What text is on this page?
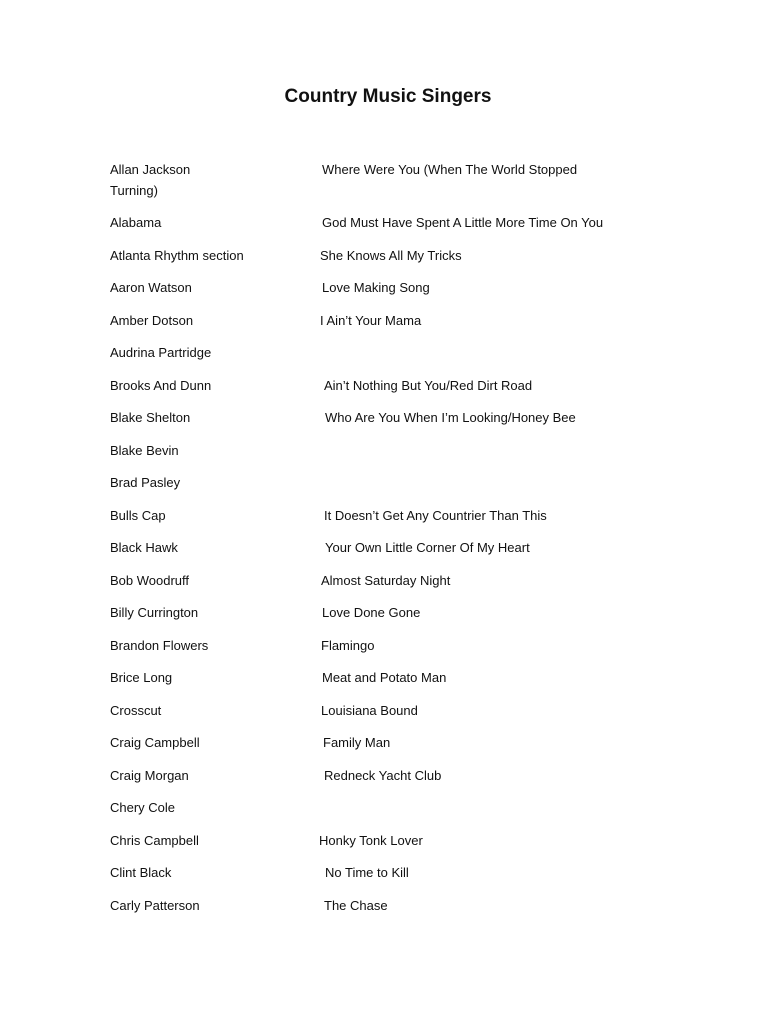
Country Music Singers
Allan Jackson	Where Were You (When The World Stopped
Turning)
Alabama	God Must Have Spent A Little More Time On You
Atlanta Rhythm section	She Knows All My Tricks
Aaron Watson	Love Making Song
Amber Dotson	I Ain’t Your Mama
Audrina Partridge
Brooks And Dunn	Ain’t Nothing But You/Red Dirt Road
Blake Shelton	Who Are You When I’m Looking/Honey Bee
Blake Bevin
Brad Pasley
Bulls Cap	It Doesn’t Get Any Countrier Than This
Black Hawk	Your Own Little Corner Of My Heart
Bob Woodruff	Almost Saturday Night
Billy Currington	Love Done Gone
Brandon Flowers	Flamingo
Brice Long	Meat and Potato Man
Crosscut	Louisiana Bound
Craig Campbell	Family Man
Craig Morgan	Redneck Yacht Club
Chery Cole
Chris Campbell	Honky Tonk Lover
Clint Black	No Time to Kill
Carly Patterson	The Chase
